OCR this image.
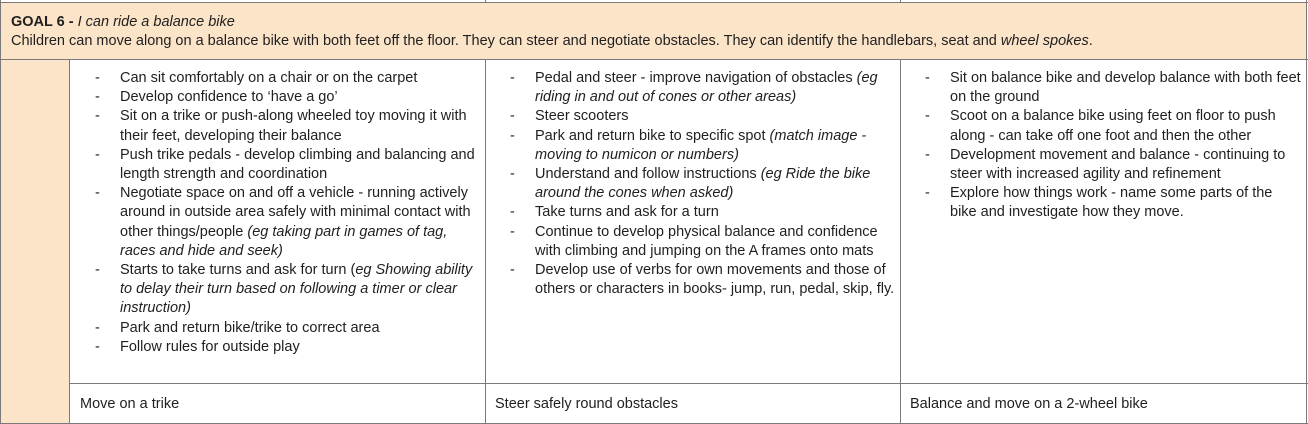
GOAL 6 - I can ride a balance bike
Children can move along on a balance bike with both feet off the floor. They can steer and negotiate obstacles. They can identify the handlebars, seat and wheel spokes.
- Can sit comfortably on a chair or on the carpet
- Develop confidence to ‘have a go’
- Sit on a trike or push-along wheeled toy moving it with their feet, developing their balance
- Push trike pedals - develop climbing and balancing and length strength and coordination
- Negotiate space on and off a vehicle - running actively around in outside area safely with minimal contact with other things/people (eg taking part in games of tag, races and hide and seek)
- Starts to take turns and ask for turn (eg Showing ability to delay their turn based on following a timer or clear instruction)
- Park and return bike/trike to correct area
- Follow rules for outside play
- Pedal and steer - improve navigation of obstacles (eg riding in and out of cones or other areas)
- Steer scooters
- Park and return bike to specific spot (match image - moving to numicon or numbers)
- Understand and follow instructions (eg Ride the bike around the cones when asked)
- Take turns and ask for a turn
- Continue to develop physical balance and confidence with climbing and jumping on the A frames onto mats
- Develop use of verbs for own movements and those of others or characters in books- jump, run, pedal, skip, fly.
- Sit on balance bike and develop balance with both feet on the ground
- Scoot on a balance bike using feet on floor to push along - can take off one foot and then the other
- Development movement and balance - continuing to steer with increased agility and refinement
- Explore how things work - name some parts of the bike and investigate how they move.
Move on a trike	Steer safely round obstacles	Balance and move on a 2-wheel bike
